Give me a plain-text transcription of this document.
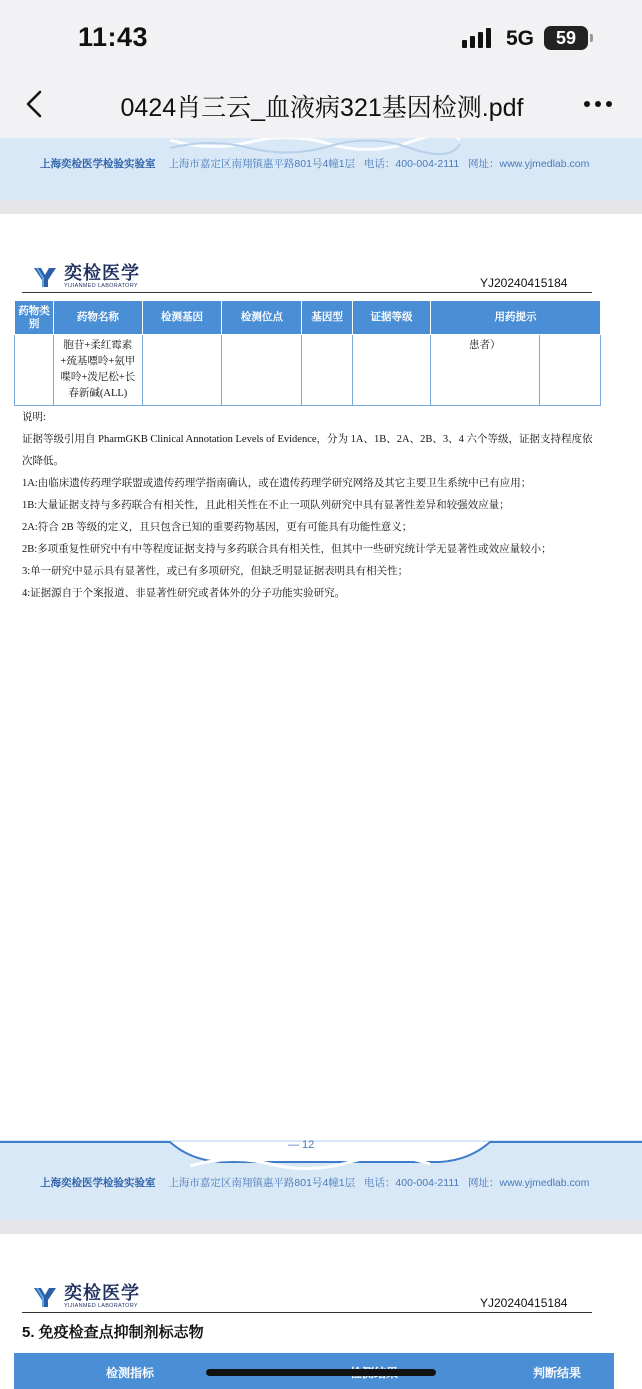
11:43	5G	59
0424肖三云_血液病321基因检测.pdf
上海奕检医学检验实验室 上海市嘉定区南翔镇惠平路801号4幢1层 电话：400-004-2111 网址：www.yjmedlab.com
奕检医学
YIJIANMED LABORATORY	YJ20240415184
药物类别	药物名称	检测基因	检测位点	基因型	证据等级	用药提示	
	胞苷+柔红霉素+巯基嘌呤+氨甲喋呤+泼尼松+长春新碱(ALL)					患者）	

说明:

证据等级引用自 PharmGKB Clinical Annotation Levels of Evidence，分为 1A、1B、2A、2B、3、4 六个等级，证据支持程度依次降低。

1A:由临床遗传药理学联盟或遗传药理学指南确认，或在遗传药理学研究网络及其它主要卫生系统中已有应用；

1B:大量证据支持与多药联合有相关性，且此相关性在不止一项队列研究中具有显著性差异和较强效应量；

2A:符合 2B 等级的定义，且只包含已知的重要药物基因，更有可能具有功能性意义；

2B:多项重复性研究中有中等程度证据支持与多药联合具有相关性，但其中一些研究统计学无显著性或效应量较小；

3:单一研究中显示具有显著性，或已有多项研究，但缺乏明显证据表明具有相关性；

4:证据源自于个案报道、非显著性研究或者体外的分子功能实验研究。

上海奕检医学检验实验室 上海市嘉定区南翔镇惠平路801号4幢1层 电话：400-004-2111 网址：www.yjmedlab.com
— 12
奕检医学
YIJIANMED LABORATORY	YJ20240415184
5. 免疫检查点抑制剂标志物
检测指标	判断结果
